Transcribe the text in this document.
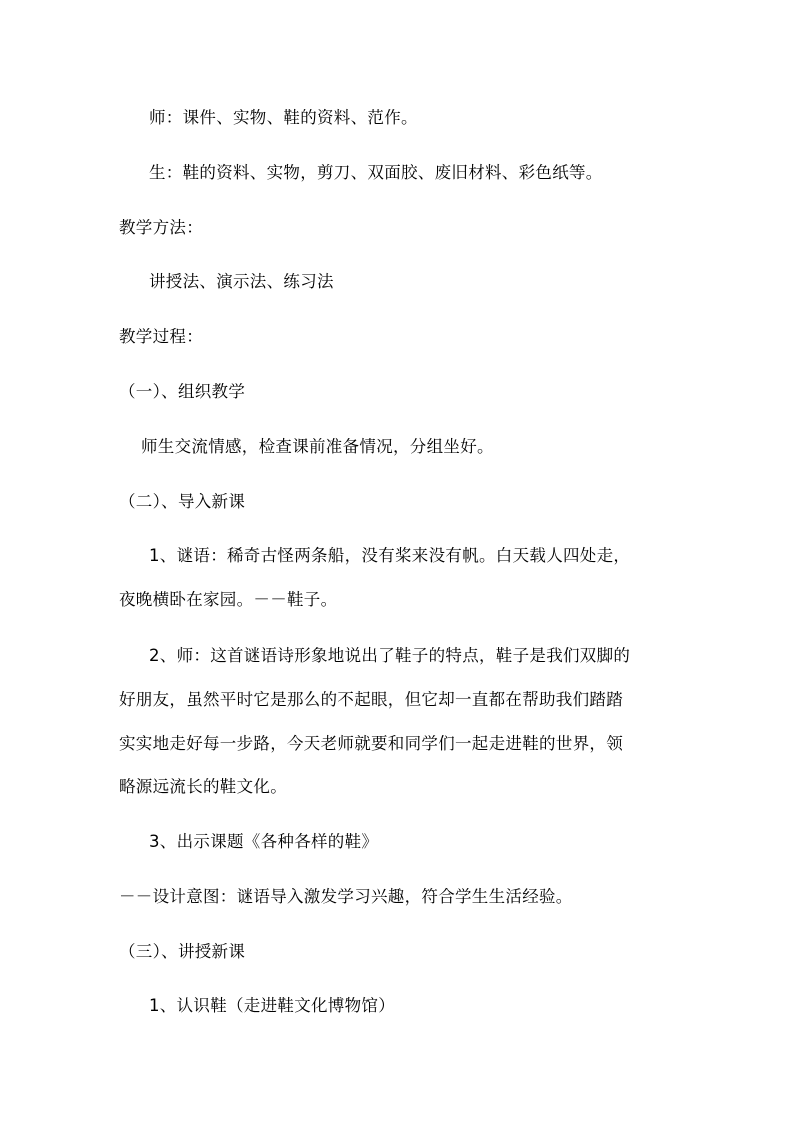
师：课件、实物、鞋的资料、范作。
生：鞋的资料、实物，剪刀、双面胶、废旧材料、彩色纸等。
教学方法：
讲授法、演示法、练习法
教学过程：
（一）、组织教学
师生交流情感，检查课前准备情况，分组坐好。
（二）、导入新课
1、谜语：稀奇古怪两条船，没有桨来没有帆。白天载人四处走，
夜晚横卧在家园。－－鞋子。
2、师：这首谜语诗形象地说出了鞋子的特点，鞋子是我们双脚的
好朋友，虽然平时它是那么的不起眼，但它却一直都在帮助我们踏踏
实实地走好每一步路，今天老师就要和同学们一起走进鞋的世界，领
略源远流长的鞋文化。
3、出示课题《各种各样的鞋》
－－设计意图：谜语导入激发学习兴趣，符合学生生活经验。
（三）、讲授新课
1、认识鞋（走进鞋文化博物馆）
